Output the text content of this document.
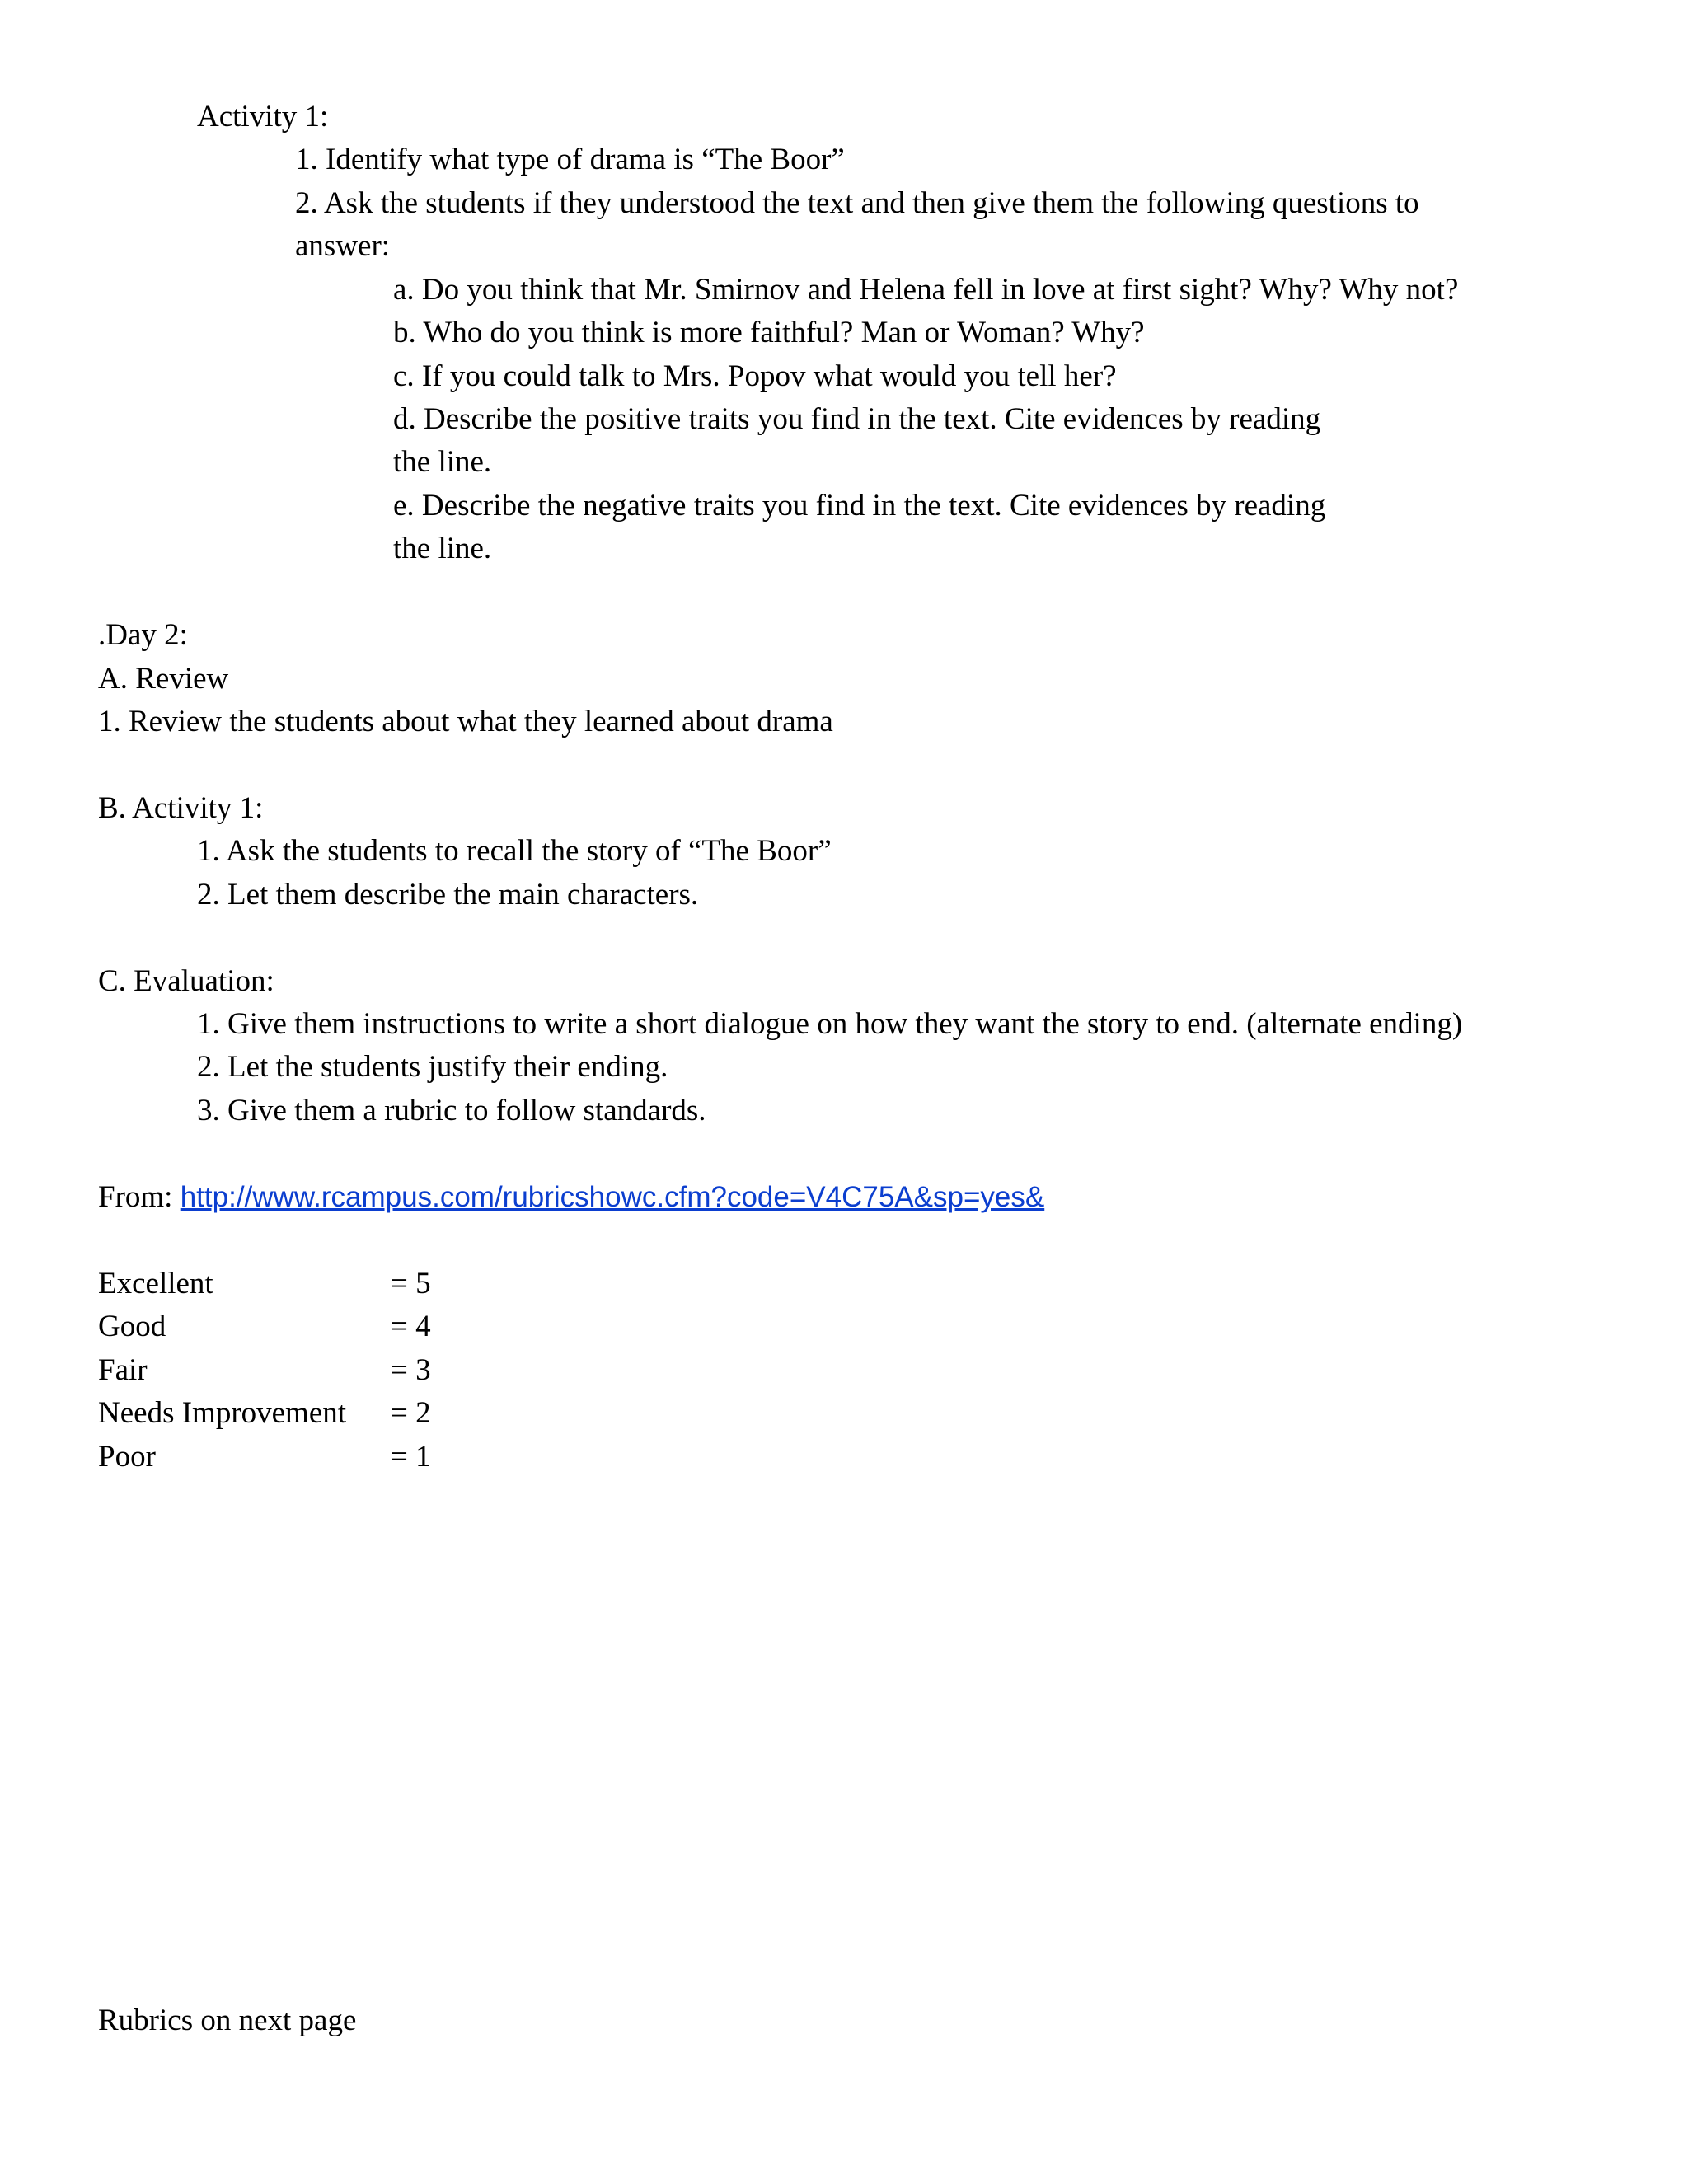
Activity 1:
1. Identify what type of drama is “The Boor”
2. Ask the students if they understood the text and then give them the following questions to
answer:
a. Do you think that Mr. Smirnov and Helena fell in love at first sight? Why? Why not?
b. Who do you think is more faithful? Man or Woman? Why?
c. If you could talk to Mrs. Popov what would you tell her?
d. Describe the positive traits you find in the text. Cite evidences by reading
the line.
e. Describe the negative traits you find in the text. Cite evidences by reading
the line.
.Day 2:
A. Review
1. Review the students about what they learned about drama
B. Activity 1:
1. Ask the students to recall the story of “The Boor”
2. Let them describe the main characters.
C. Evaluation:
1. Give them instructions to write a short dialogue on how they want the story to end. (alternate ending)
2. Let the students justify their ending.
3. Give them a rubric to follow standards.
From: http://www.rcampus.com/rubricshowc.cfm?code=V4C75A&sp=yes&
Excellent	= 5
Good	= 4
Fair	= 3
Needs Improvement = 2
Poor	= 1
Rubrics on next page
